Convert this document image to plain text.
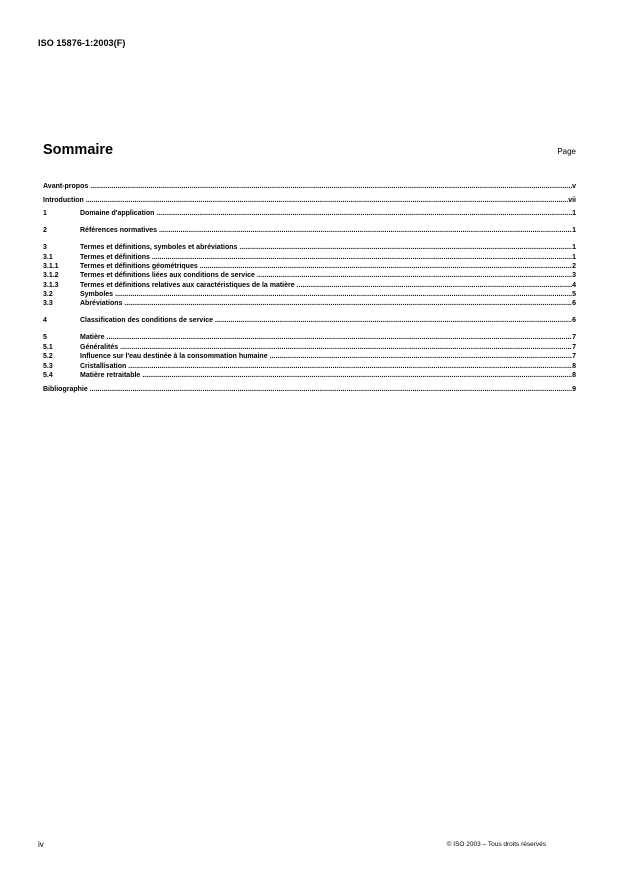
ISO 15876-1:2003(F)
Sommaire	Page
Avant-propos .....	v
Introduction .....	vii
1	Domaine d'application .....	1
2	Références normatives .....	1
3	Termes et définitions, symboles et abréviations .....	1
3.1	Termes et définitions .....	1
3.1.1	Termes et définitions géométriques .....	2
3.1.2	Termes et définitions liées aux conditions de service .....	3
3.1.3	Termes et définitions relatives aux caractéristiques de la matière .....	4
3.2	Symboles .....	5
3.3	Abréviations .....	6
4	Classification des conditions de service .....	6
5	Matière .....	7
5.1	Généralités .....	7
5.2	Influence sur l'eau destinée à la consommation humaine .....	7
5.3	Cristallisation .....	8
5.4	Matière retraitable .....	8
Bibliographie .....	9
iv	© ISO 2003 – Tous droits réservés
